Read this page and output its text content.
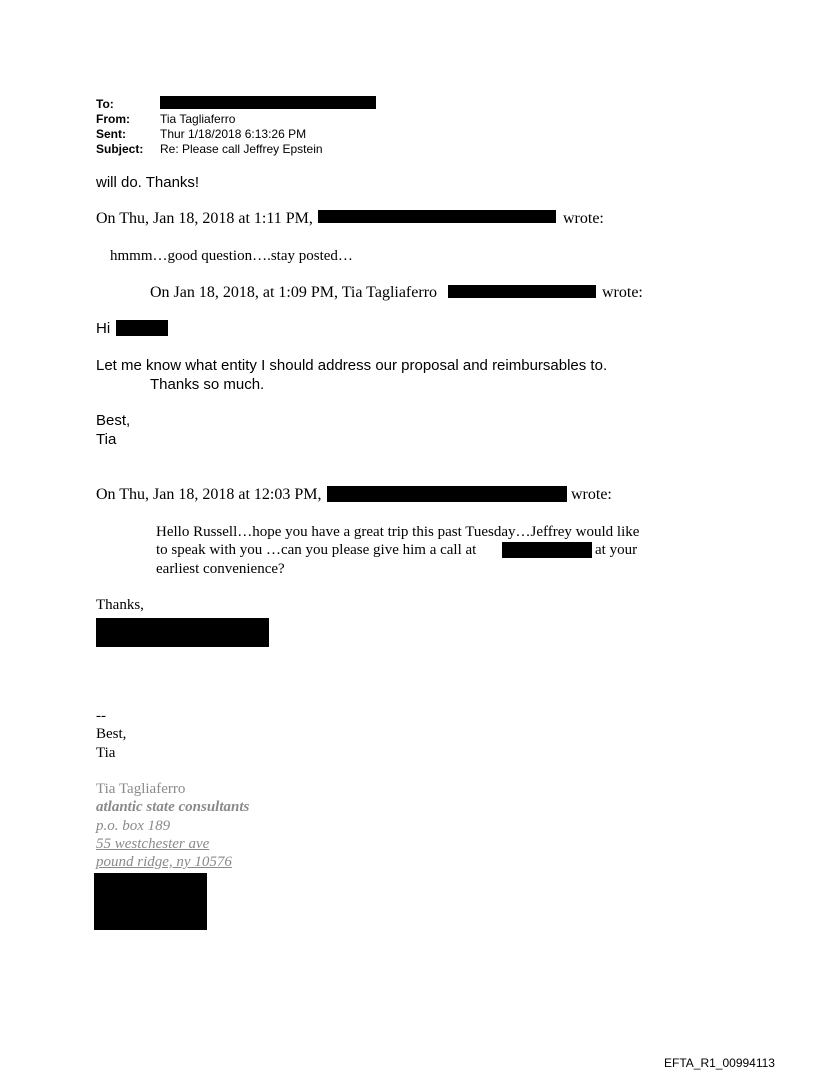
To:
From:	Tia Tagliaferro
Sent:	Thur 1/18/2018 6:13:26 PM
Subject: Re: Please call Jeffrey Epstein
will do. Thanks!
On Thu, Jan 18, 2018 at 1:11 PM,	wrote:
hmmm…good question….stay posted…
On Jan 18, 2018, at 1:09 PM, Tia Tagliaferro	wrote:
Hi
Let me know what entity I should address our proposal and reimbursables to.
Thanks so much.
Best,
Tia
On Thu, Jan 18, 2018 at 12:03 PM,	wrote:
Hello Russell…hope you have a great trip this past Tuesday…Jeffrey would like
to speak with you …can you please give him a call at	at your
earliest convenience?
Thanks,
--
Best,
Tia
Tia Tagliaferro
atlantic state consultants
p.o. box 189
55 westchester ave
pound ridge, ny 10576
EFTA_R1_00994113
